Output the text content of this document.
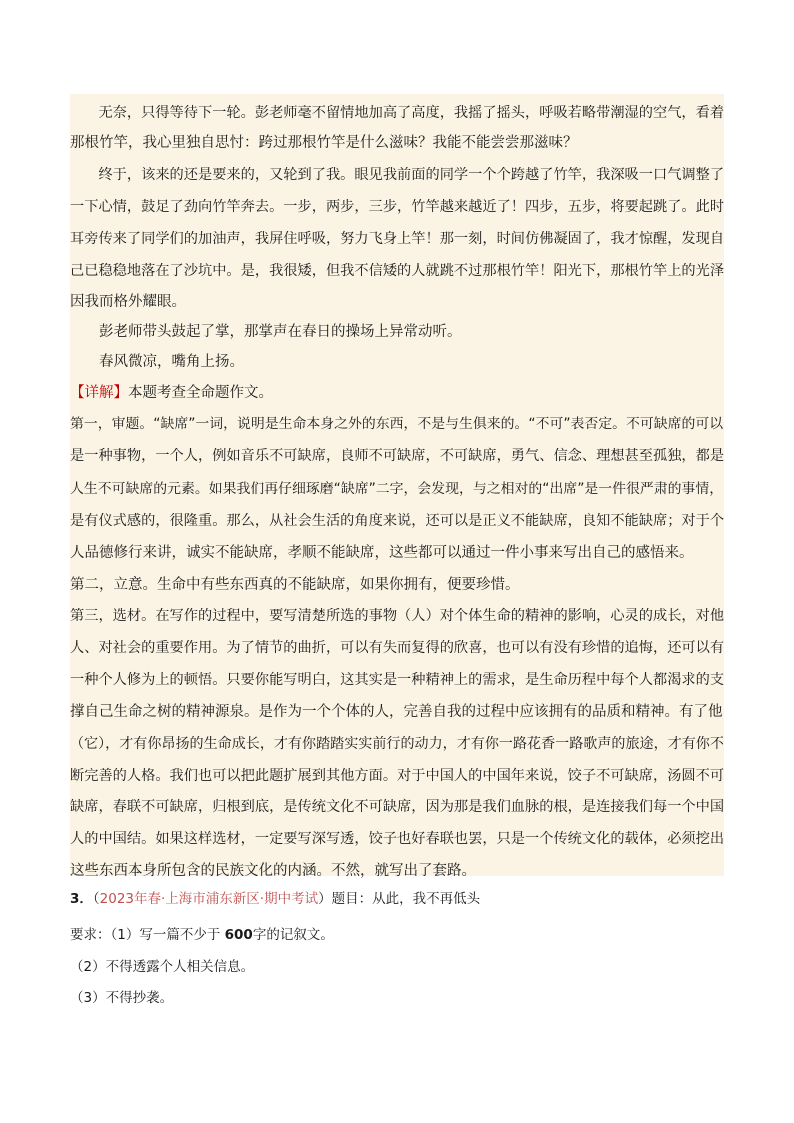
　　无奈，只得等待下一轮。彭老师毫不留情地加高了高度，我摇了摇头，呼吸若略带潮湿的空气，看着
那根竹竿，我心里独自思忖：跨过那根竹竿是什么滋味？我能不能尝尝那滋味？
　　终于，该来的还是要来的，又轮到了我。眼见我前面的同学一个个跨越了竹竿，我深吸一口气调整了
一下心情，鼓足了劲向竹竿奔去。一步，两步，三步，竹竿越来越近了！四步，五步，将要起跳了。此时
耳旁传来了同学们的加油声，我屏住呼吸，努力飞身上竿！那一刻，时间仿佛凝固了，我才惊醒，发现自
己已稳稳地落在了沙坑中。是，我很矮，但我不信矮的人就跳不过那根竹竿！阳光下，那根竹竿上的光泽
因我而格外耀眼。
　　彭老师带头鼓起了掌，那掌声在春日的操场上异常动听。
　　春风微凉，嘴角上扬。
【详解】本题考查全命题作文。
第一，审题。“缺席”一词，说明是生命本身之外的东西，不是与生俱来的。“不可”表否定。不可缺席的可以
是一种事物，一个人，例如音乐不可缺席，良师不可缺席，不可缺席，勇气、信念、理想甚至孤独，都是
人生不可缺席的元素。如果我们再仔细琢磨“缺席”二字，会发现，与之相对的“出席”是一件很严肃的事情，
是有仪式感的，很隆重。那么，从社会生活的角度来说，还可以是正义不能缺席，良知不能缺席；对于个
人品德修行来讲，诚实不能缺席，孝顺不能缺席，这些都可以通过一件小事来写出自己的感悟来。
第二，立意。生命中有些东西真的不能缺席，如果你拥有，便要珍惜。
第三，选材。在写作的过程中，要写清楚所选的事物（人）对个体生命的精神的影响，心灵的成长，对他
人、对社会的重要作用。为了情节的曲折，可以有失而复得的欣喜，也可以有没有珍惜的追悔，还可以有
一种个人修为上的顿悟。只要你能写明白，这其实是一种精神上的需求，是生命历程中每个人都渴求的支
撑自己生命之树的精神源泉。是作为一个个体的人，完善自我的过程中应该拥有的品质和精神。有了他
（它），才有你昂扬的生命成长，才有你踏踏实实前行的动力，才有你一路花香一路歌声的旅途，才有你不
断完善的人格。我们也可以把此题扩展到其他方面。对于中国人的中国年来说，饺子不可缺席，汤圆不可
缺席，春联不可缺席，归根到底，是传统文化不可缺席，因为那是我们血脉的根，是连接我们每一个中国
人的中国结。如果这样选材，一定要写深写透，饺子也好春联也罢，只是一个传统文化的载体，必须挖出
这些东西本身所包含的民族文化的内涵。不然，就写出了套路。
3．（2023年春·上海市浦东新区·期中考试）题目：从此，我不再低头
要求：（1）写一篇不少于 600字的记叙文。
（2）不得透露个人相关信息。
（3）不得抄袭。
